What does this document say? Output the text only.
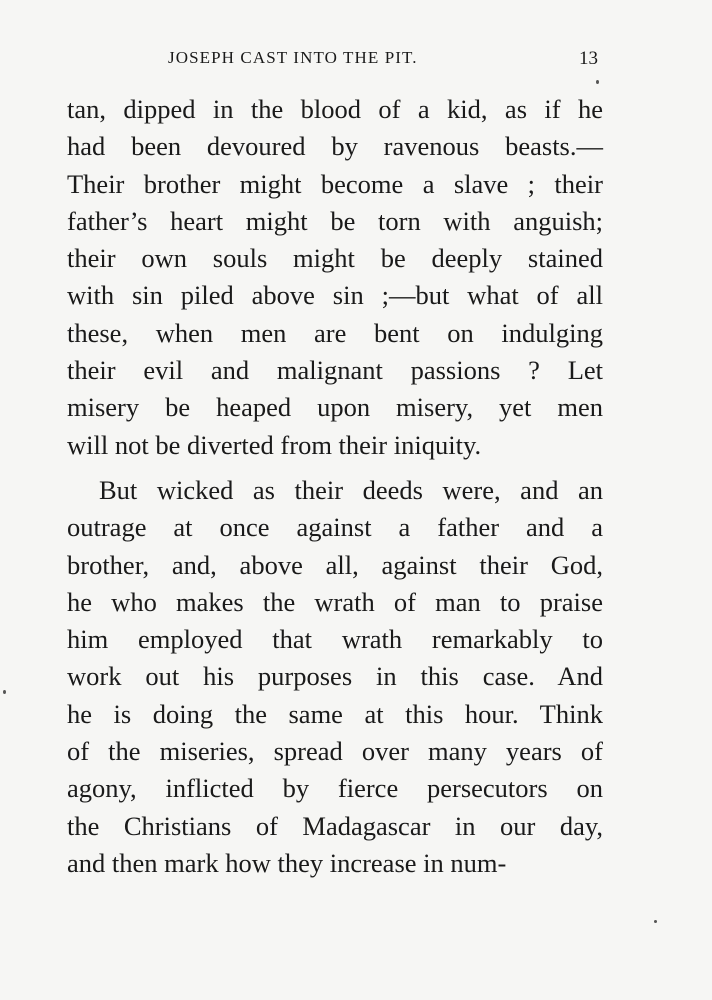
JOSEPH CAST INTO THE PIT.	13
tan, dipped in the blood of a kid, as if he
had been devoured by ravenous beasts.—
Their brother might become a slave ; their
father’s heart might be torn with anguish;
their own souls might be deeply stained
with sin piled above sin ;—but what of all
these, when men are bent on indulging
their evil and malignant passions ? Let
misery be heaped upon misery, yet men
will not be diverted from their iniquity.
But wicked as their deeds were, and an
outrage at once against a father and a
brother, and, above all, against their God,
he who makes the wrath of man to praise
him employed that wrath remarkably to
work out his purposes in this case. And
he is doing the same at this hour. Think
of the miseries, spread over many years of
agony, inflicted by fierce persecutors on
the Christians of Madagascar in our day,
and then mark how they increase in num-
